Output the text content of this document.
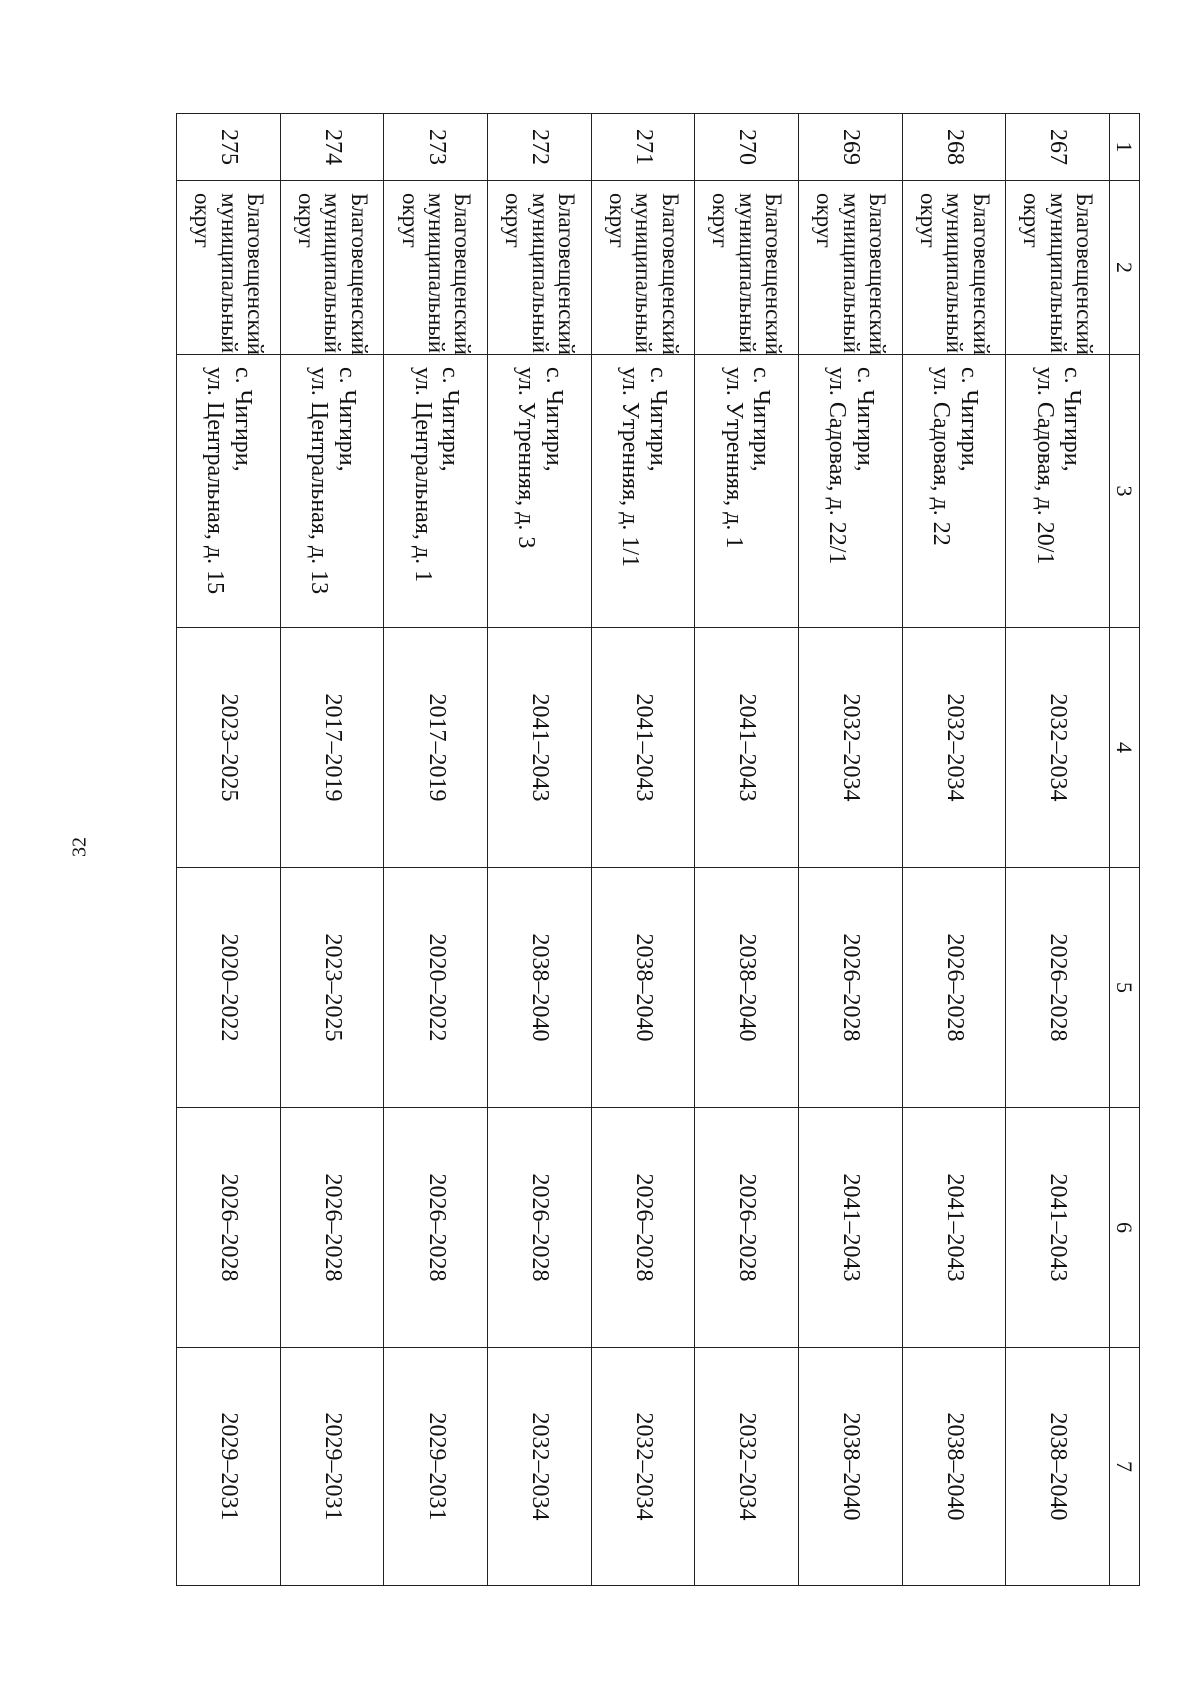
32
1	2	3	4	5	6	7
267	Благовещенский
муниципальный
округ	с. Чигири,
ул. Садовая, д. 20/1	2032–2034	2026–2028	2041–2043	2038–2040
268	Благовещенский
муниципальный
округ	с. Чигири,
ул. Садовая, д. 22	2032–2034	2026–2028	2041–2043	2038–2040
269	Благовещенский
муниципальный
округ	с. Чигири,
ул. Садовая, д. 22/1	2032–2034	2026–2028	2041–2043	2038–2040
270	Благовещенский
муниципальный
округ	с. Чигири,
ул. Утренняя, д. 1	2041–2043	2038–2040	2026–2028	2032–2034
271	Благовещенский
муниципальный
округ	с. Чигири,
ул. Утренняя, д. 1/1	2041–2043	2038–2040	2026–2028	2032–2034
272	Благовещенский
муниципальный
округ	с. Чигири,
ул. Утренняя, д. 3	2041–2043	2038–2040	2026–2028	2032–2034
273	Благовещенский
муниципальный
округ	с. Чигири,
ул. Центральная, д. 1	2017–2019	2020–2022	2026–2028	2029–2031
274	Благовещенский
муниципальный
округ	с. Чигири,
ул. Центральная, д. 13	2017–2019	2023–2025	2026–2028	2029–2031
275	Благовещенский
муниципальный
округ	с. Чигири,
ул. Центральная, д. 15	2023–2025	2020–2022	2026–2028	2029–2031
